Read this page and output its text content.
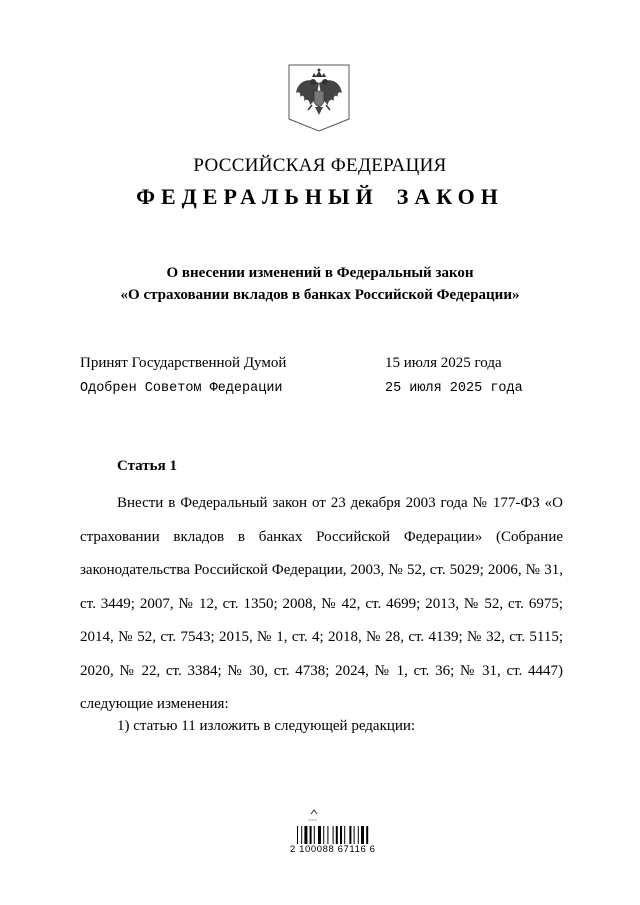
РОССИЙСКАЯ ФЕДЕРАЦИЯ
ФЕДЕРАЛЬНЫЙ ЗАКОН
О внесении изменений в Федеральный закон
«О страховании вкладов в банках Российской Федерации»
Принят Государственной Думой	15 июля 2025 года
Одобрен Советом Федерации	25 июля 2025 года
Статья 1
Внести в Федеральный закон от 23 декабря 2003 года № 177-ФЗ «О страховании вкладов в банках Российской Федерации» (Собрание законодательства Российской Федерации, 2003, № 52, ст. 5029; 2006, № 31, ст. 3449; 2007, № 12, ст. 1350; 2008, № 42, ст. 4699; 2013, № 52, ст. 6975; 2014, № 52, ст. 7543; 2015, № 1, ст. 4; 2018, № 28, ст. 4139; № 32, ст. 5115; 2020, № 22, ст. 3384; № 30, ст. 4738; 2024, № 1, ст. 36; № 31, ст. 4447) следующие изменения:
1) статью 11 изложить в следующей редакции:
~~~
2 100088 67116 6
